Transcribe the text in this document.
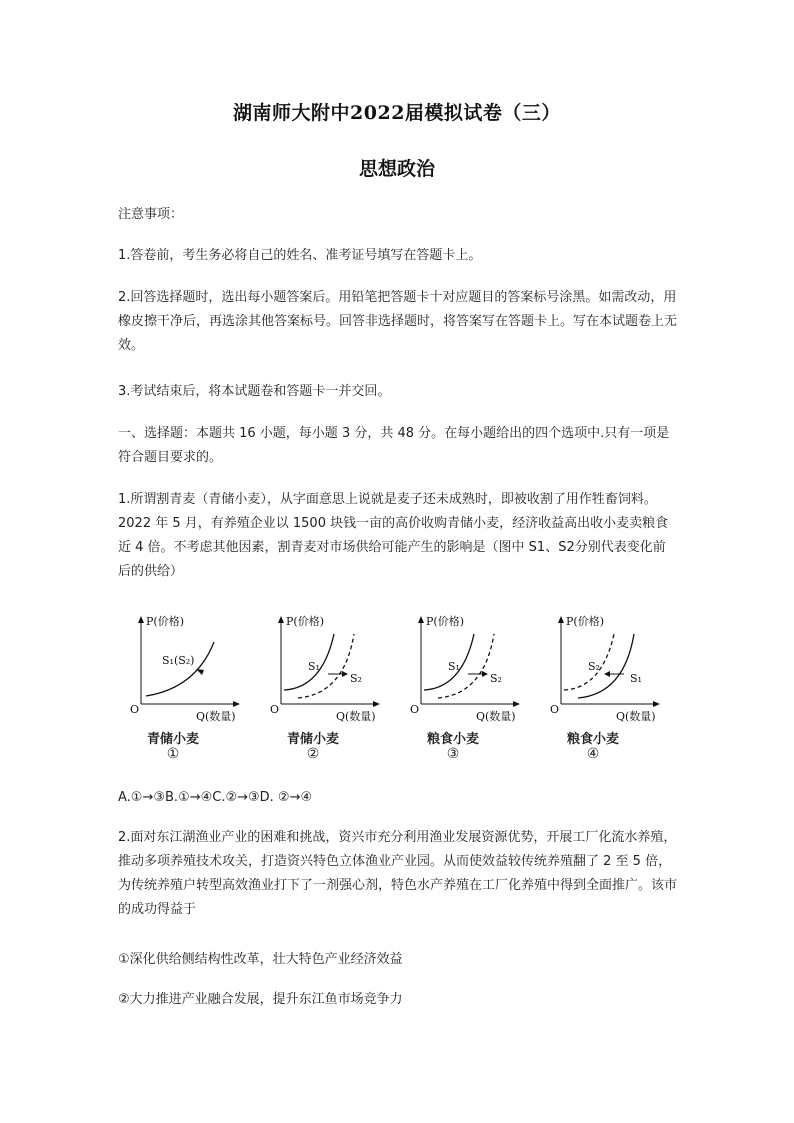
湖南师大附中2022届模拟试卷（三）
思想政治
注意事项：
1.答卷前，考生务必将自己的姓名、准考证号填写在答题卡上。
2.回答选择题时，选出每小题答案后。用铅笔把答题卡十对应题目的答案标号涂黑。如需改动，用橡皮擦干净后，再选涂其他答案标号。回答非选择题时，将答案写在答题卡上。写在本试题卷上无效。
3.考试结束后，将本试题卷和答题卡一并交回。
一、选择题：本题共 16 小题，每小题 3 分，共 48 分。在每小题给出的四个选项中.只有一项是符合题目要求的。
1.所谓割青麦（青储小麦），从字面意思上说就是麦子还未成熟时，即被收割了用作牲畜饲料。2022 年 5 月，有养殖企业以 1500 块钱一亩的高价收购青储小麦，经济收益高出收小麦卖粮食近 4 倍。不考虑其他因素，割青麦对市场供给可能产生的影响是（图中 S1、S2分别代表变化前后的供给）
P(价格)
Q(数量)
O
S₁(S₂)
青储小麦
①
P(价格)
Q(数量)
O
S₁
S₂
青储小麦
②
P(价格)
Q(数量)
O
S₁
S₂
粮食小麦
③
P(价格)
Q(数量)
O
S₂
S₁
粮食小麦
④
A.①→③B.①→④C.②→③D. ②→④
2.面对东江湖渔业产业的困难和挑战，资兴市充分利用渔业发展资源优势，开展工厂化流水养殖，推动多项养殖技术攻关，打造资兴特色立体渔业产业园。从而使效益较传统养殖翻了 2 至 5 倍，为传统养殖户转型高效渔业打下了一剂强心剂，特色水产养殖在工厂化养殖中得到全面推广。该市的成功得益于
①深化供给侧结构性改革，壮大特色产业经济效益
②大力推进产业融合发展，提升东江鱼市场竞争力
